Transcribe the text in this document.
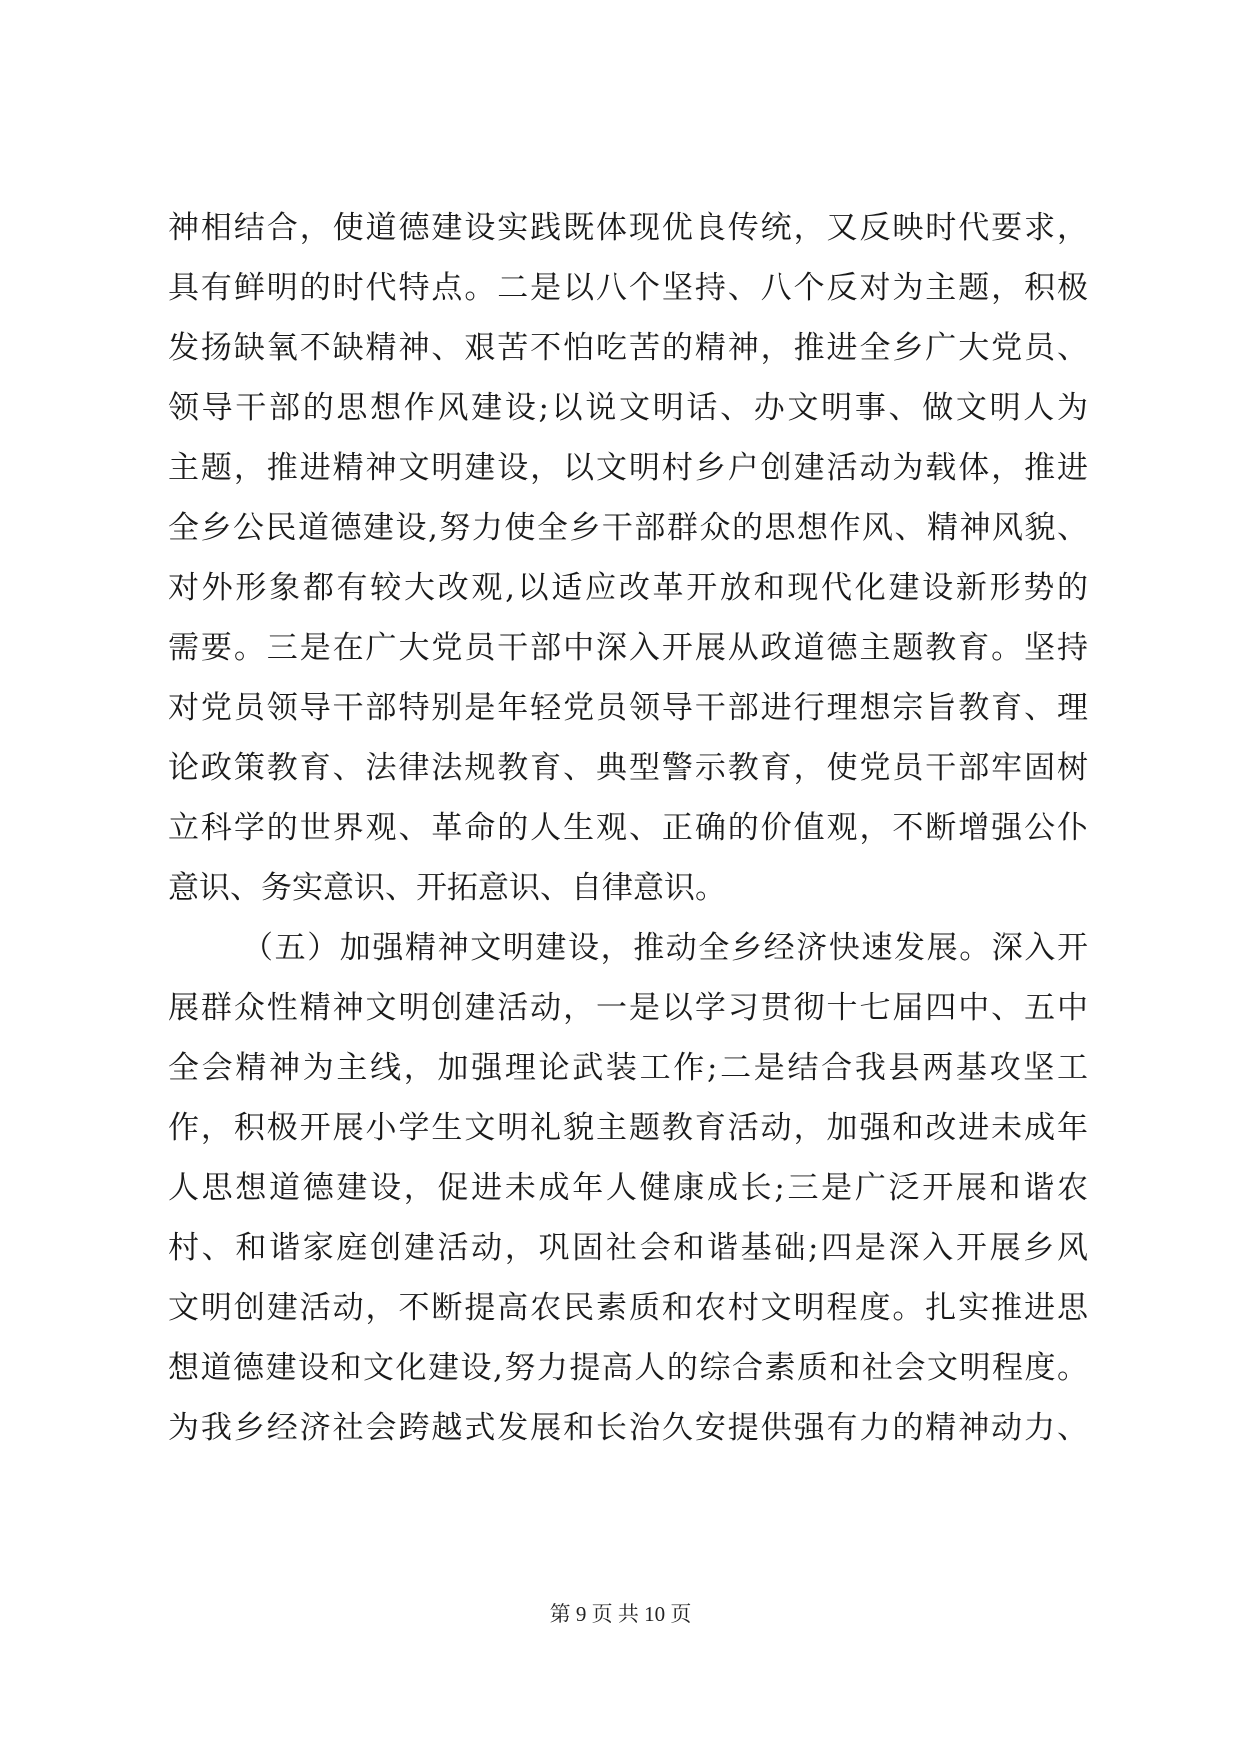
神相结合，使道德建设实践既体现优良传统，又反映时代要求，
具有鲜明的时代特点。二是以八个坚持、八个反对为主题，积极
发扬缺氧不缺精神、艰苦不怕吃苦的精神，推进全乡广大党员、
领导干部的思想作风建设;以说文明话、办文明事、做文明人为
主题，推进精神文明建设，以文明村乡户创建活动为载体，推进
全乡公民道德建设,努力使全乡干部群众的思想作风、精神风貌、
对外形象都有较大改观,以适应改革开放和现代化建设新形势的
需要。三是在广大党员干部中深入开展从政道德主题教育。坚持
对党员领导干部特别是年轻党员领导干部进行理想宗旨教育、理
论政策教育、法律法规教育、典型警示教育，使党员干部牢固树
立科学的世界观、革命的人生观、正确的价值观，不断增强公仆
意识、务实意识、开拓意识、自律意识。
（五）加强精神文明建设，推动全乡经济快速发展。深入开
展群众性精神文明创建活动，一是以学习贯彻十七届四中、五中
全会精神为主线，加强理论武装工作;二是结合我县两基攻坚工
作，积极开展小学生文明礼貌主题教育活动，加强和改进未成年
人思想道德建设，促进未成年人健康成长;三是广泛开展和谐农
村、和谐家庭创建活动，巩固社会和谐基础;四是深入开展乡风
文明创建活动，不断提高农民素质和农村文明程度。扎实推进思
想道德建设和文化建设,努力提高人的综合素质和社会文明程度。
为我乡经济社会跨越式发展和长治久安提供强有力的精神动力、
第 9 页 共 10 页
